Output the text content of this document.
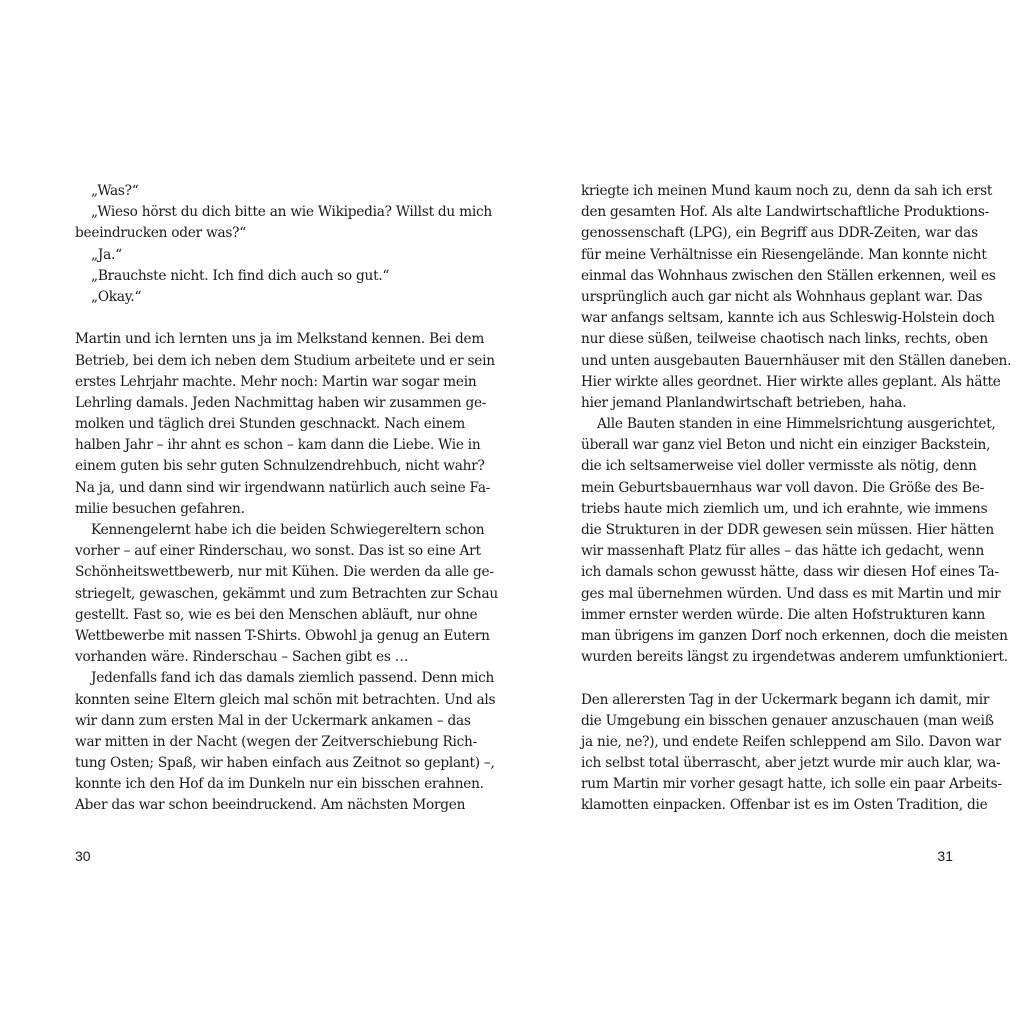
„Was?“
„Wieso hörst du dich bitte an wie Wikipedia? Willst du mich
beeindrucken oder was?“
„Ja.“
„Brauchste nicht. Ich find dich auch so gut.“
„Okay.“
Martin und ich lernten uns ja im Melkstand kennen. Bei dem
Betrieb, bei dem ich neben dem Studium arbeitete und er sein
erstes Lehrjahr machte. Mehr noch: Martin war sogar mein
Lehrling damals. Jeden Nachmittag haben wir zusammen ge-
molken und täglich drei Stunden geschnackt. Nach einem
halben Jahr – ihr ahnt es schon – kam dann die Liebe. Wie in
einem guten bis sehr guten Schnulzendrehbuch, nicht wahr?
Na ja, und dann sind wir irgendwann natürlich auch seine Fa-
milie besuchen gefahren.
Kennengelernt habe ich die beiden Schwiegereltern schon
vorher – auf einer Rinderschau, wo sonst. Das ist so eine Art
Schönheitswettbewerb, nur mit Kühen. Die werden da alle ge-
striegelt, gewaschen, gekämmt und zum Betrachten zur Schau
gestellt. Fast so, wie es bei den Menschen abläuft, nur ohne
Wettbewerbe mit nassen T-Shirts. Obwohl ja genug an Eutern
vorhanden wäre. Rinderschau – Sachen gibt es …
Jedenfalls fand ich das damals ziemlich passend. Denn mich
konnten seine Eltern gleich mal schön mit betrachten. Und als
wir dann zum ersten Mal in der Uckermark ankamen – das
war mitten in der Nacht (wegen der Zeitverschiebung Rich-
tung Osten; Spaß, wir haben einfach aus Zeitnot so geplant) –,
konnte ich den Hof da im Dunkeln nur ein bisschen erahnen.
Aber das war schon beeindruckend. Am nächsten Morgen
30
kriegte ich meinen Mund kaum noch zu, denn da sah ich erst
den gesamten Hof. Als alte Landwirtschaftliche Produktions-
genossenschaft (LPG), ein Begriff aus DDR-Zeiten, war das
für meine Verhältnisse ein Riesengelände. Man konnte nicht
einmal das Wohnhaus zwischen den Ställen erkennen, weil es
ursprünglich auch gar nicht als Wohnhaus geplant war. Das
war anfangs seltsam, kannte ich aus Schleswig-Holstein doch
nur diese süßen, teilweise chaotisch nach links, rechts, oben
und unten ausgebauten Bauernhäuser mit den Ställen daneben.
Hier wirkte alles geordnet. Hier wirkte alles geplant. Als hätte
hier jemand Planlandwirtschaft betrieben, haha.
Alle Bauten standen in eine Himmelsrichtung ausgerichtet,
überall war ganz viel Beton und nicht ein einziger Backstein,
die ich seltsamerweise viel doller vermisste als nötig, denn
mein Geburtsbauernhaus war voll davon. Die Größe des Be-
triebs haute mich ziemlich um, und ich erahnte, wie immens
die Strukturen in der DDR gewesen sein müssen. Hier hätten
wir massenhaft Platz für alles – das hätte ich gedacht, wenn
ich damals schon gewusst hätte, dass wir diesen Hof eines Ta-
ges mal übernehmen würden. Und dass es mit Martin und mir
immer ernster werden würde. Die alten Hofstrukturen kann
man übrigens im ganzen Dorf noch erkennen, doch die meisten
wurden bereits längst zu irgendetwas anderem umfunktioniert.
Den allerersten Tag in der Uckermark begann ich damit, mir
die Umgebung ein bisschen genauer anzuschauen (man weiß
ja nie, ne?), und endete Reifen schleppend am Silo. Davon war
ich selbst total überrascht, aber jetzt wurde mir auch klar, wa-
rum Martin mir vorher gesagt hatte, ich solle ein paar Arbeits-
klamotten einpacken. Offenbar ist es im Osten Tradition, die
31
